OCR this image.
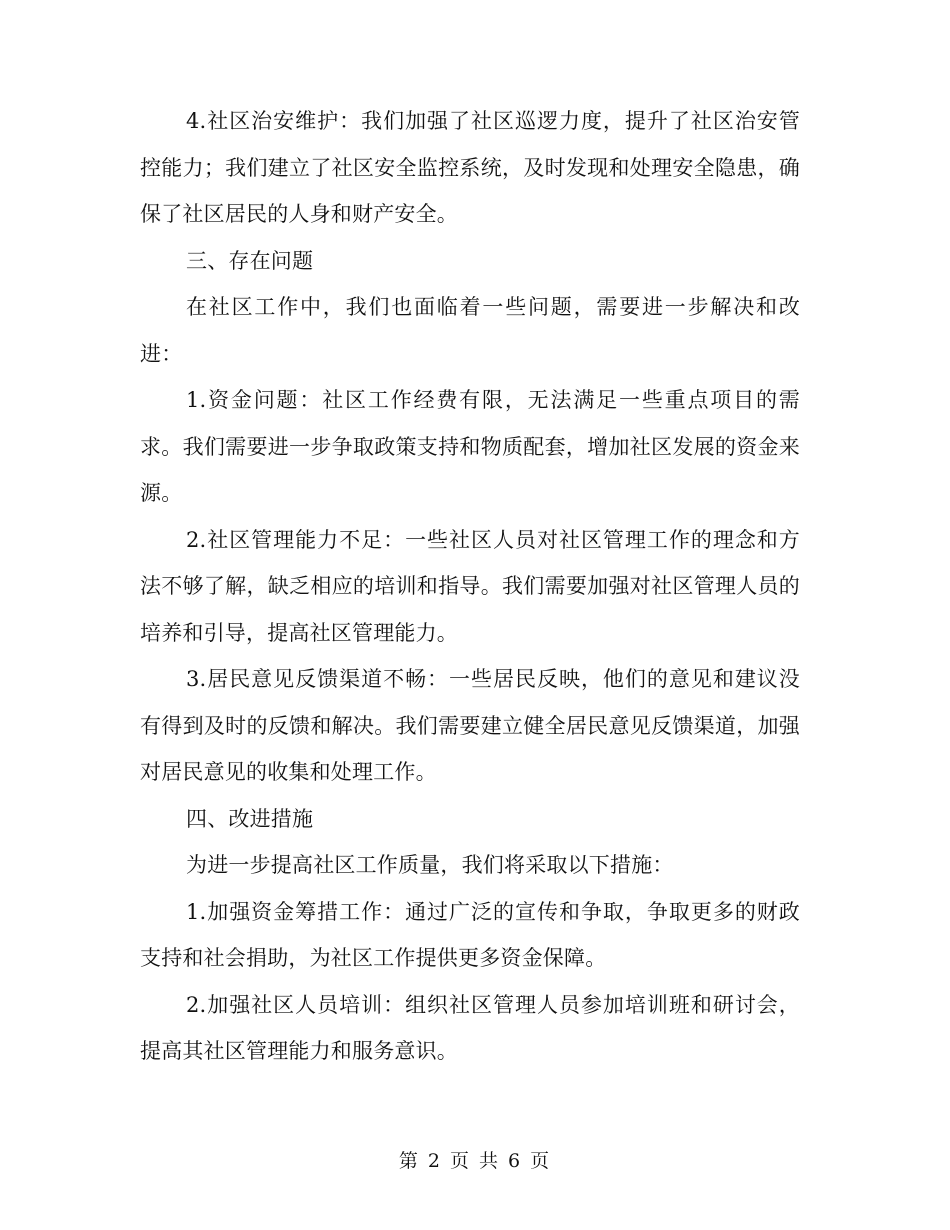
4.社区治安维护：我们加强了社区巡逻力度，提升了社区治安管控能力；我们建立了社区安全监控系统，及时发现和处理安全隐患，确保了社区居民的人身和财产安全。

三、存在问题

在社区工作中，我们也面临着一些问题，需要进一步解决和改进：

1.资金问题：社区工作经费有限，无法满足一些重点项目的需求。我们需要进一步争取政策支持和物质配套，增加社区发展的资金来源。

2.社区管理能力不足：一些社区人员对社区管理工作的理念和方法不够了解，缺乏相应的培训和指导。我们需要加强对社区管理人员的培养和引导，提高社区管理能力。

3.居民意见反馈渠道不畅：一些居民反映，他们的意见和建议没有得到及时的反馈和解决。我们需要建立健全居民意见反馈渠道，加强对居民意见的收集和处理工作。

四、改进措施

为进一步提高社区工作质量，我们将采取以下措施：

1.加强资金筹措工作：通过广泛的宣传和争取，争取更多的财政支持和社会捐助，为社区工作提供更多资金保障。

2.加强社区人员培训：组织社区管理人员参加培训班和研讨会，提高其社区管理能力和服务意识。

第 2 页 共 6 页
